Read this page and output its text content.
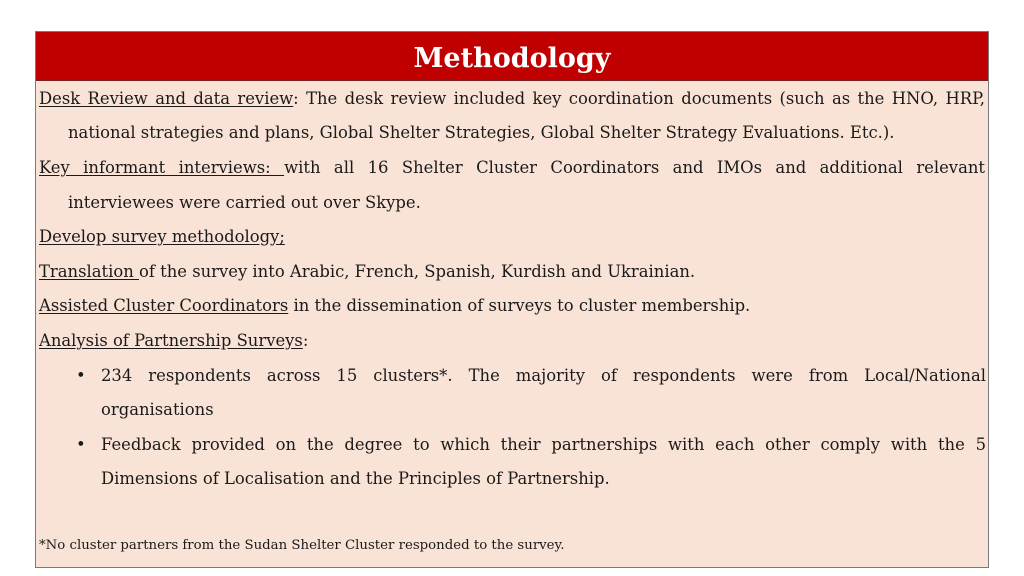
Methodology
Desk Review and data review: The desk review included key coordination documents (such as the HNO, HRP,
national strategies and plans, Global Shelter Strategies, Global Shelter Strategy Evaluations. Etc.).
Key informant interviews: with all 16 Shelter Cluster Coordinators and IMOs and additional relevant
interviewees were carried out over Skype.
Develop survey methodology;
Translation of the survey into Arabic, French, Spanish, Kurdish and Ukrainian.
Assisted Cluster Coordinators in the dissemination of surveys to cluster membership.
Analysis of Partnership Surveys:
• 234 respondents across 15 clusters*. The majority of respondents were from Local/National
organisations
• Feedback provided on the degree to which their partnerships with each other comply with the 5
Dimensions of Localisation and the Principles of Partnership.
*No cluster partners from the Sudan Shelter Cluster responded to the survey.
